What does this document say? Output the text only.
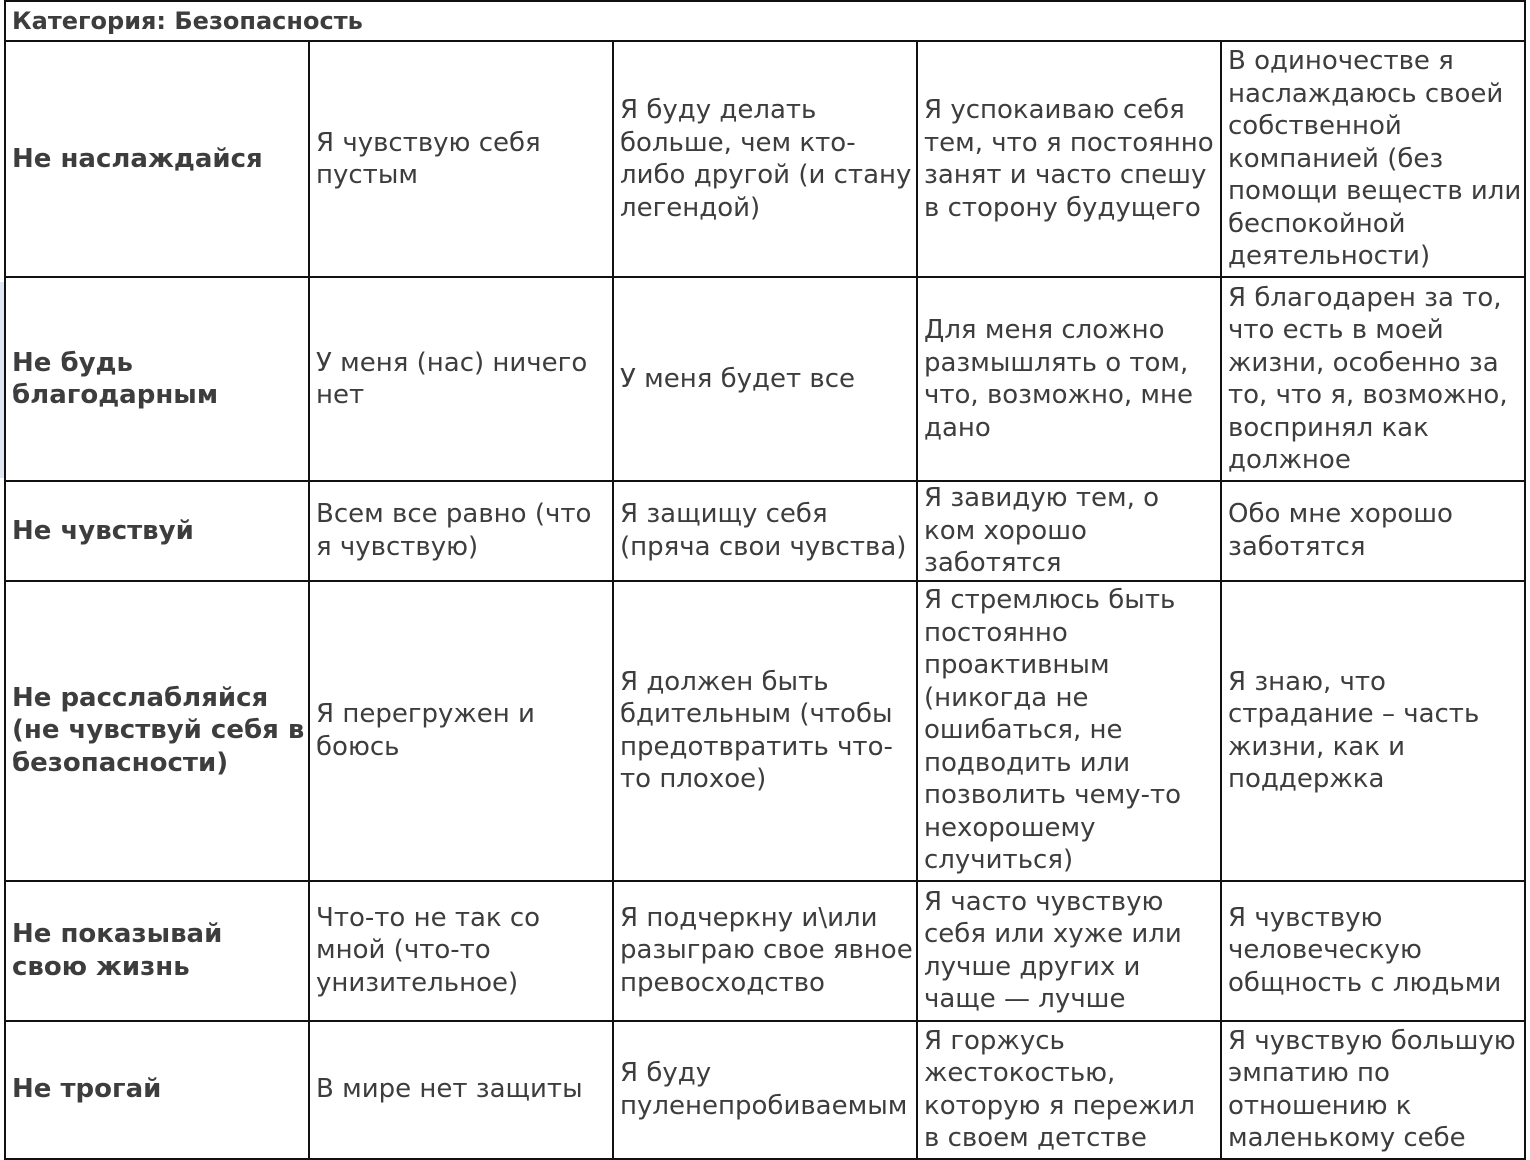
Категория: Безопасность				
Не наслаждайся	Я чувствую себя пустым	Я буду делать больше, чем кто-либо другой (и стану легендой)	Я успокаиваю себя тем, что я постоянно занят и часто спешу в сторону будущего	В одиночестве я наслаждаюсь своей собственной компанией (без помощи веществ или беспокойной деятельности)
Не будь благодарным	У меня (нас) ничего нет	У меня будет все	Для меня сложно размышлять о том, что, возможно, мне дано	Я благодарен за то, что есть в моей жизни, особенно за то, что я, возможно, воспринял как должное
Не чувствуй	Всем все равно (что я чувствую)	Я защищу себя (пряча свои чувства)	Я завидую тем, о ком хорошо заботятся	Обо мне хорошо заботятся
Не расслабляйся (не чувствуй себя в безопасности)	Я перегружен и боюсь	Я должен быть бдительным (чтобы предотвратить что-то плохое)	Я стремлюсь быть постоянно проактивным (никогда не ошибаться, не подводить или позволить чему-то нехорошему случиться)	Я знаю, что страдание – часть жизни, как и поддержка
Не показывай свою жизнь	Что-то не так со мной (что-то унизительное)	Я подчеркну и\или разыграю свое явное превосходство	Я часто чувствую себя или хуже или лучше других и чаще — лучше	Я чувствую человеческую общность с людьми
Не трогай	В мире нет защиты	Я буду пуленепробиваемым	Я горжусь жестокостью, которую я пережил в своем детстве	Я чувствую большую эмпатию по отношению к маленькому себе
